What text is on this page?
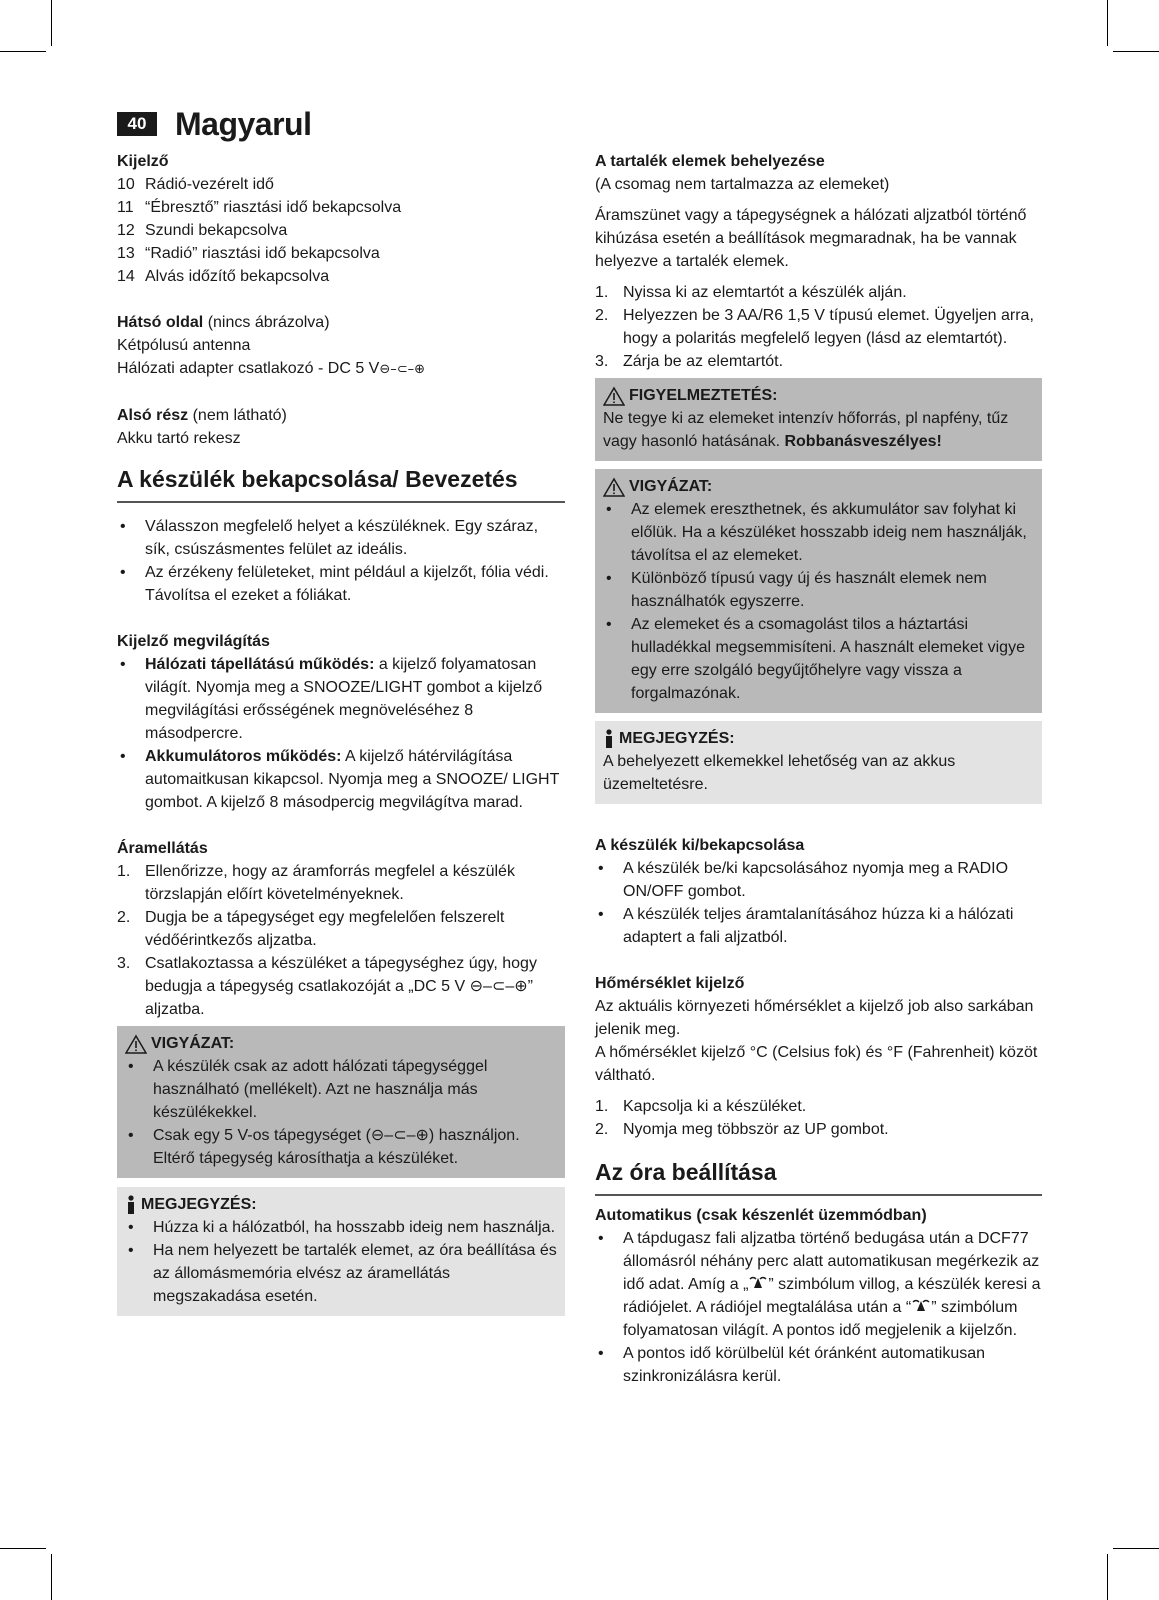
40 Magyarul

Kijelző

10 Rádió-vezérelt idő
11 “Ébresztő” riasztási idő bekapcsolva
12 Szundi bekapcsolva
13 “Radió” riasztási idő bekapcsolva
14 Alvás időzítő bekapcsolva

Hátsó oldal (nincs ábrázolva)

Kétpólusú antenna

Hálózati adapter csatlakozó - DC 5 V⊖–⊂–⊕

Alsó rész (nem látható)

Akku tartó rekesz

A készülék bekapcsolása/ Bevezetés
• Válasszon megfelelő helyet a készüléknek. Egy száraz, sík, csúszásmentes felület az ideális.
• Az érzékeny felületeket, mint például a kijelzőt, fólia védi. Távolítsa el ezeket a fóliákat.

Kijelző megvilágítás

• Hálózati tápellátású működés: a kijelző folyamatosan világít. Nyomja meg a SNOOZE/LIGHT gombot a kijelző megvilágítási erősségének megnöveléséhez 8 másodpercre.
• Akkumulátoros működés: A kijelző hátérvilágítása automaitkusan kikapcsol. Nyomja meg a SNOOZE/ LIGHT gombot. A kijelző 8 másodpercig megvilágítva marad.

Áramellátás

1. Ellenőrizze, hogy az áramforrás megfelel a készülék törzslapján előírt követelményeknek.
2. Dugja be a tápegységet egy megfelelően felszerelt védőérintkezős aljzatba.
3. Csatlakoztassa a készüléket a tápegységhez úgy, hogy bedugja a tápegység csatlakozóját a „DC 5 V ⊖–⊂–⊕” aljzatba.
VIGYÁZAT:
• A készülék csak az adott hálózati tápegységgel használható (mellékelt). Azt ne használja más készülékekkel.
• Csak egy 5 V-os tápegységet (⊖–⊂–⊕) használjon. Eltérő tápegység károsíthatja a készüléket.
MEGJEGYZÉS:
• Húzza ki a hálózatból, ha hosszabb ideig nem használja.
• Ha nem helyezett be tartalék elemet, az óra beállítása és az állomásmemória elvész az áramellátás megszakadása esetén.

A tartalék elemek behelyezése

(A csomag nem tartalmazza az elemeket)

Áramszünet vagy a tápegységnek a hálózati aljzatból történő kihúzása esetén a beállítások megmaradnak, ha be vannak helyezve a tartalék elemek.

1. Nyissa ki az elemtartót a készülék alján.
2. Helyezzen be 3 AA/R6 1,5 V típusú elemet. Ügyeljen arra, hogy a polaritás megfelelő legyen (lásd az elemtartót).
3. Zárja be az elemtartót.
FIGYELMEZTETÉS:

Ne tegye ki az elemeket intenzív hőforrás, pl napfény, tűz vagy hasonló hatásának. Robbanásveszélyes!

VIGYÁZAT:
• Az elemek ereszthetnek, és akkumulátor sav folyhat ki előlük. Ha a készüléket hosszabb ideig nem használják, távolítsa el az elemeket.
• Különböző típusú vagy új és használt elemek nem használhatók egyszerre.
• Az elemeket és a csomagolást tilos a háztartási hulladékkal megsemmisíteni. A használt elemeket vigye egy erre szolgáló begyűjtőhelyre vagy vissza a forgalmazónak.
MEGJEGYZÉS:

A behelyezett elkemekkel lehetőség van az akkus üzemeltetésre.

A készülék ki/bekapcsolása

• A készülék be/ki kapcsolásához nyomja meg a RADIO ON/OFF gombot.
• A készülék teljes áramtalanításához húzza ki a hálózati adaptert a fali aljzatból.

Hőmérséklet kijelző

Az aktuális környezeti hőmérséklet a kijelző job also sarkában jelenik meg.

A hőmérséklet kijelző °C (Celsius fok) és °F (Fahrenheit) közöt váltható.

1. Kapcsolja ki a készüléket.
2. Nyomja meg többször az UP gombot.
Az óra beállítása

Automatikus (csak készenlét üzemmódban)

• A tápdugasz fali aljzatba történő bedugása után a DCF77 állomásról néhány perc alatt automatikusan megérkezik az idő adat. Amíg a „ ” szimbólum villog, a készülék keresi a rádiójelet. A rádiójel megtalálása után a “ ” szimbólum folyamatosan világít. A pontos idő megjelenik a kijelzőn.
• A pontos idő körülbelül két óránként automatikusan szinkronizálásra kerül.
